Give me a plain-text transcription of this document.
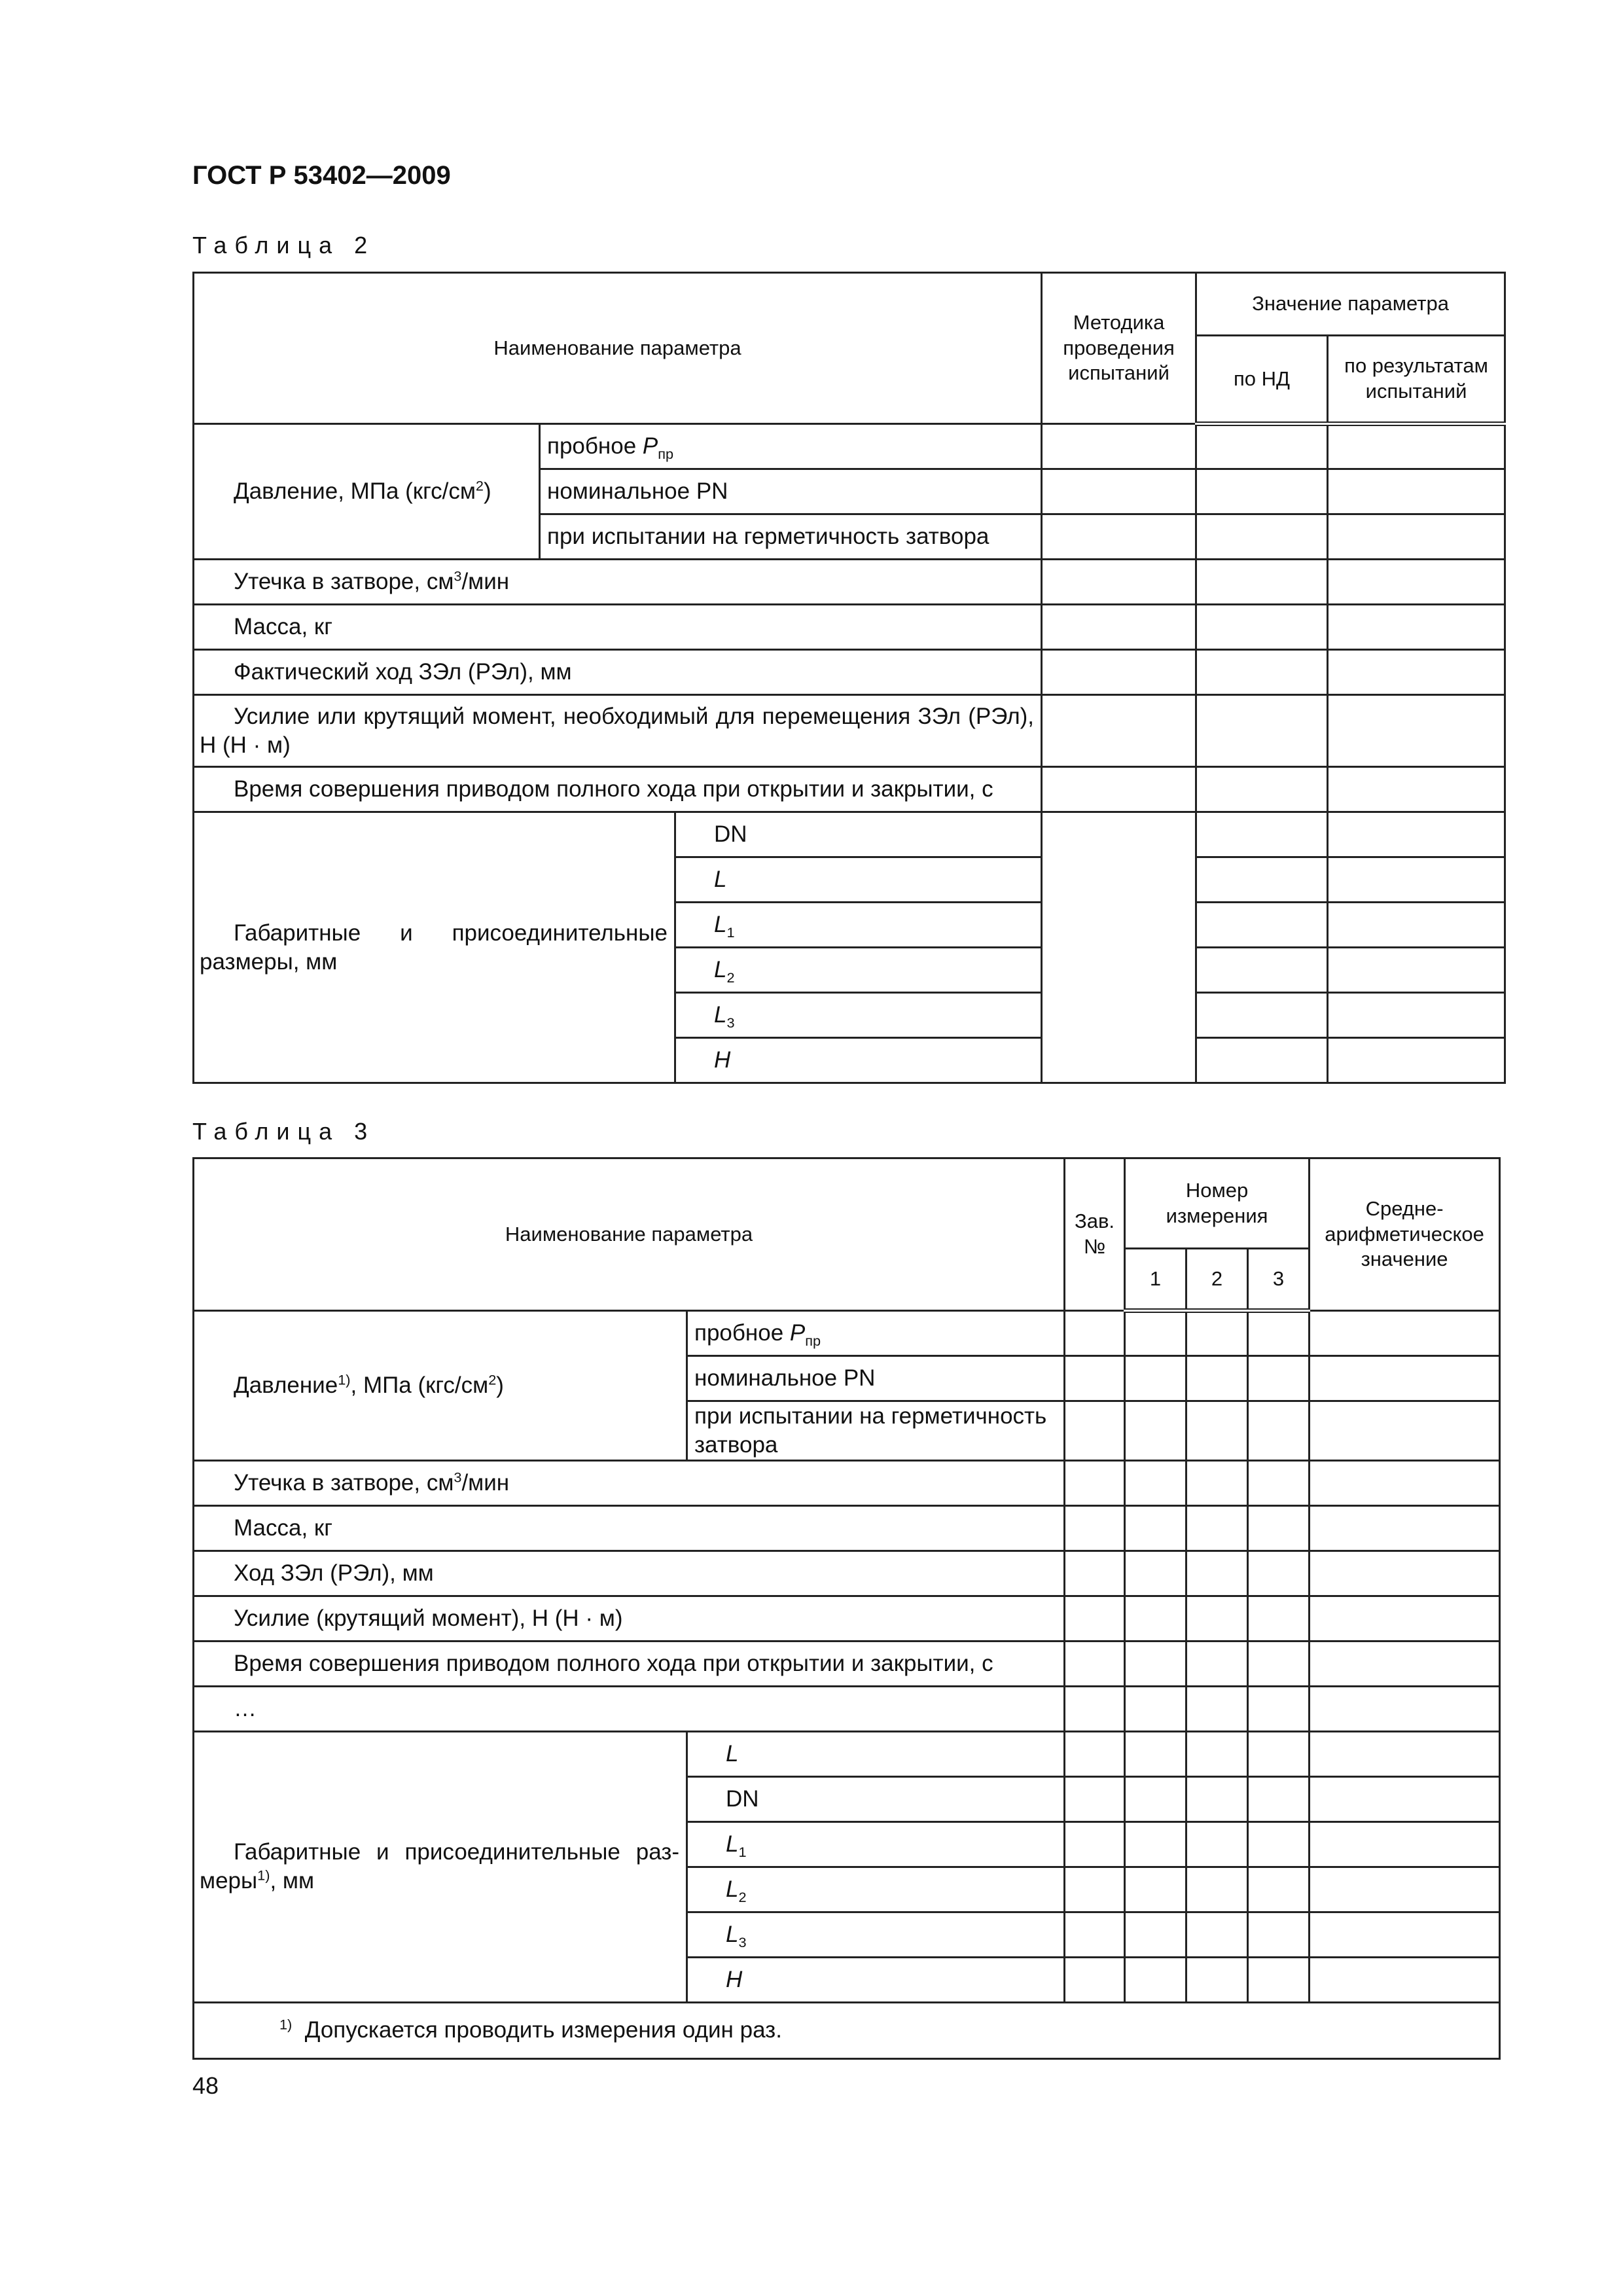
ГОСТ Р 53402—2009
Таблица 2
Наименование параметра			Методика проведения испытаний	Значение параметра	
				по НД	по результатам испытаний
Давление, МПа $(кгс/см^2)$	пробное $P_{пр}$			
	номинальное PN				
	при испытании на герметичность затвора				
Утечка в затворе, $см^3$/мин					
Масса, кг					
Фактический ход ЗЭл (РЭл), мм					

Усилие или крутящий момент, необходимый для перемещения ЗЭл (РЭл), Н (Н · м)					

Время совершения приводом полного хода при открытии и закрытии, с					

Габаритные и присоединительные размеры, мм		DN			
		L			
		$L_1$		
		$L_2$		
		$L_3$		
		H			
Таблица 3
Наименование параметра		Зав. №	Номер измерения			Средне-арифметическое значение
			1	2	3	
Давление$^{1)}$, МПа $(кгс/см^2)$	пробное $P_{пр}$					
	номинальное PN					
	при испытании на герметичность затвора					
Утечка в затворе, $см^3$/мин						
Масса, кг						
Ход ЗЭл (РЭл), мм						
Усилие (крутящий момент), Н (Н · м)						
Время совершения приводом полного хода при открытии и закрытии, с						
…						

Габаритные и присоединительные раз-меры$^{1)}$, мм	L					
	DN					
	$L_1$					
	$L_2$					
	$L_3$					
	H					
$^{1)}$ Допускается проводить измерения один раз.						
48
